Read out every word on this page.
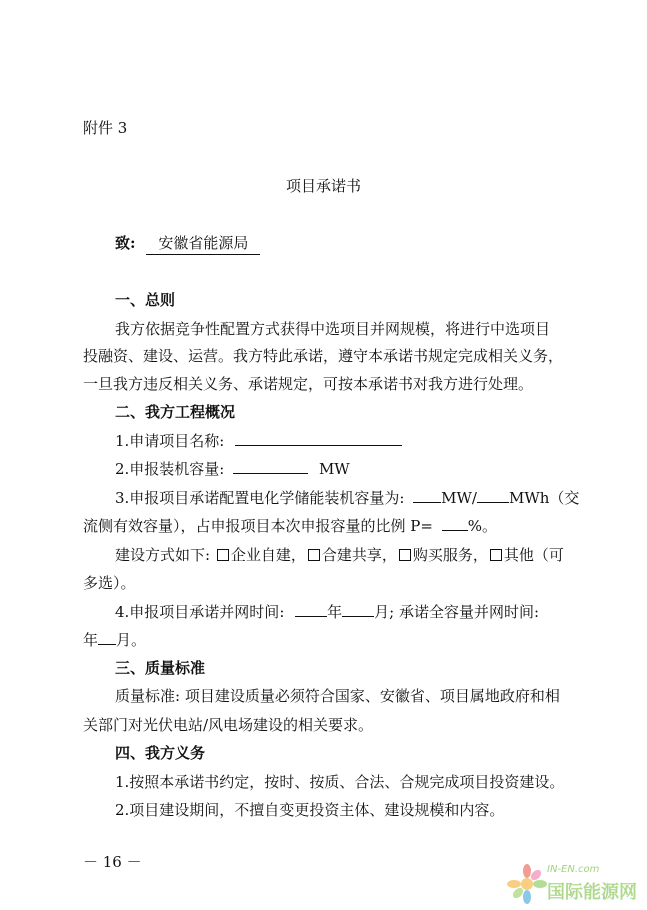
附件 3
项目承诺书
致: 安徽省能源局
一、总则
我方依据竞争性配置方式获得中选项目并网规模，将进行中选项目
投融资、建设、运营。我方特此承诺，遵守本承诺书规定完成相关义务，
一旦我方违反相关义务、承诺规定，可按本承诺书对我方进行处理。
二、我方工程概况
1.申请项目名称:
2.申报装机容量:	MW
3.申报项目承诺配置电化学储能装机容量为: MW/ MWh（交
流侧有效容量），占申报项目本次申报容量的比例 P= %。
建设方式如下: 企业自建， 合建共享， 购买服务， 其他（可
多选）。
4.申报项目承诺并网时间:	年 月; 承诺全容量并网时间:
年 月。
三、质量标准
质量标准: 项目建设质量必须符合国家、安徽省、项目属地政府和相
关部门对光伏电站/风电场建设的相关要求。
四、我方义务
1.按照本承诺书约定，按时、按质、合法、合规完成项目投资建设。
2.项目建设期间，不擅自变更投资主体、建设规模和内容。
－ 16 －	IN-EN.com
国际能源网
